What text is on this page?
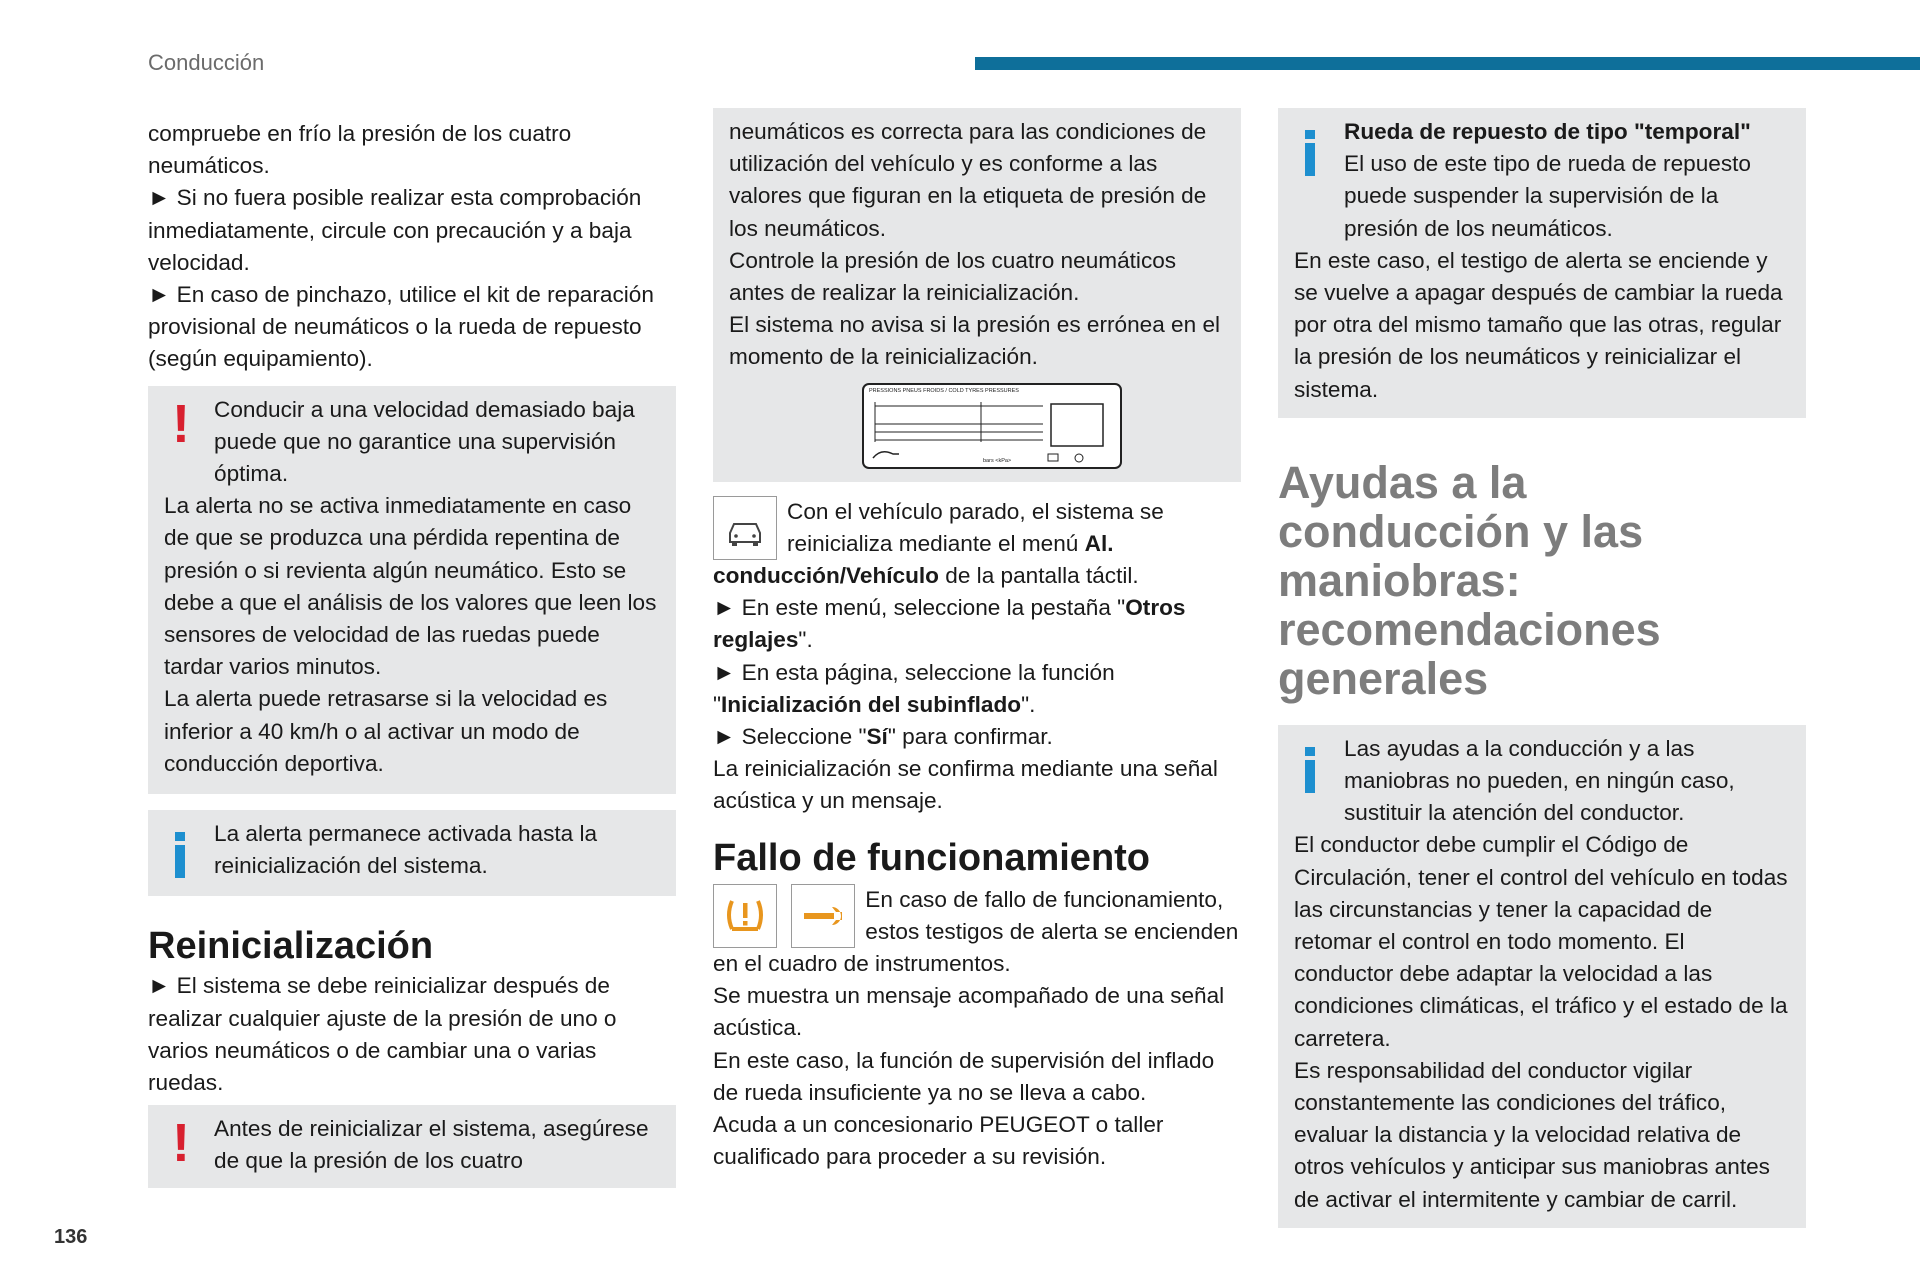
Conducción
136

compruebe en frío la presión de los cuatro neumáticos.

► Si no fuera posible realizar esta comprobación inmediatamente, circule con precaución y a baja velocidad.

► En caso de pinchazo, utilice el kit de reparación provisional de neumáticos o la rueda de repuesto (según equipamiento).

!	Conducir a una velocidad demasiado baja puede que no garantice una supervisión óptima.

La alerta no se activa inmediatamente en caso de que se produzca una pérdida repentina de presión o si revienta algún neumático. Esto se debe a que el análisis de los valores que leen los sensores de velocidad de las ruedas puede tardar varios minutos.

La alerta puede retrasarse si la velocidad es inferior a 40 km/h o al activar un modo de conducción deportiva.

La alerta permanece activada hasta la reinicialización del sistema.

Reinicialización

► El sistema se debe reinicializar después de realizar cualquier ajuste de la presión de uno o varios neumáticos o de cambiar una o varias ruedas.

!	Antes de reinicializar el sistema, asegúrese de que la presión de los cuatro

neumáticos es correcta para las condiciones de utilización del vehículo y es conforme a las valores que figuran en la etiqueta de presión de los neumáticos.

Controle la presión de los cuatro neumáticos antes de realizar la reinicialización.

El sistema no avisa si la presión es errónea en el momento de la reinicialización.

PRESSIONS PNEUS FROIDS / COLD TYRES PRESSURES
bars <kPa>

Con el vehículo parado, el sistema se reinicializa mediante el menú Al. conducción/Vehículo de la pantalla táctil.

► En este menú, seleccione la pestaña "Otros reglajes".

► En esta página, seleccione la función "Inicialización del subinflado".

► Seleccione "Sí" para confirmar.

La reinicialización se confirma mediante una señal acústica y un mensaje.

Fallo de funcionamiento

En caso de fallo de funcionamiento, estos testigos de alerta se encienden en el cuadro de instrumentos.

Se muestra un mensaje acompañado de una señal acústica.

En este caso, la función de supervisión del inflado de rueda insuficiente ya no se lleva a cabo.

Acuda a un concesionario PEUGEOT o taller cualificado para proceder a su revisión.

Rueda de repuesto de tipo "temporal"

El uso de este tipo de rueda de repuesto puede suspender la supervisión de la presión de los neumáticos.

En este caso, el testigo de alerta se enciende y se vuelve a apagar después de cambiar la rueda por otra del mismo tamaño que las otras, regular la presión de los neumáticos y reinicializar el sistema.

Ayudas a la conducción y las maniobras: recomendaciones generales

Las ayudas a la conducción y a las maniobras no pueden, en ningún caso, sustituir la atención del conductor.

El conductor debe cumplir el Código de Circulación, tener el control del vehículo en todas las circunstancias y tener la capacidad de retomar el control en todo momento. El conductor debe adaptar la velocidad a las condiciones climáticas, el tráfico y el estado de la carretera.

Es responsabilidad del conductor vigilar constantemente las condiciones del tráfico, evaluar la distancia y la velocidad relativa de otros vehículos y anticipar sus maniobras antes de activar el intermitente y cambiar de carril.
